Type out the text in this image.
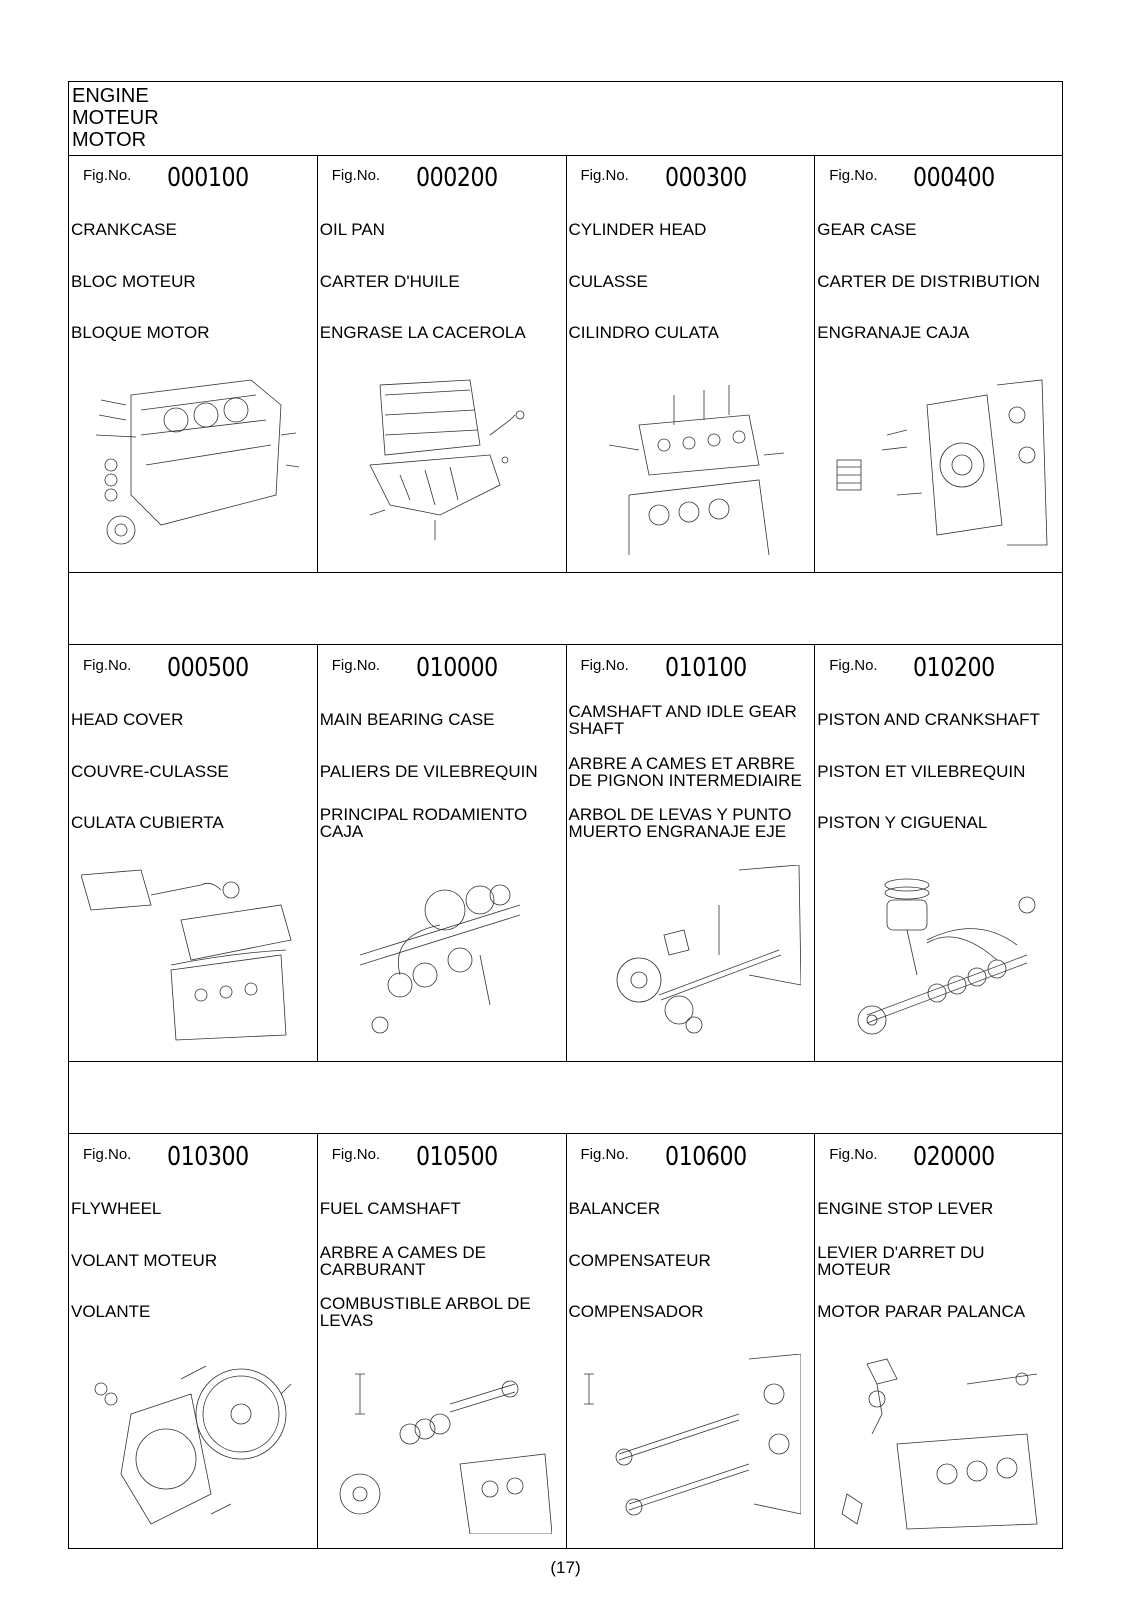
ENGINE
MOTEUR
MOTOR
Fig.No. 000100
CRANKCASE
BLOC MOTEUR
BLOQUE MOTOR
Fig.No. 000200
OIL PAN
CARTER D'HUILE
ENGRASE LA CACEROLA
Fig.No. 000300
CYLINDER HEAD
CULASSE
CILINDRO CULATA
Fig.No. 000400
GEAR CASE
CARTER DE DISTRIBUTION
ENGRANAJE CAJA
Fig.No. 000500
HEAD COVER
COUVRE-CULASSE
CULATA CUBIERTA
Fig.No. 010000
MAIN BEARING CASE
PALIERS DE VILEBREQUIN
PRINCIPAL RODAMIENTO CAJA
Fig.No. 010100
CAMSHAFT AND IDLE GEAR SHAFT
ARBRE A CAMES ET ARBRE DE PIGNON INTERMEDIAIRE
ARBOL DE LEVAS Y PUNTO MUERTO ENGRANAJE EJE
Fig.No. 010200
PISTON AND CRANKSHAFT
PISTON ET VILEBREQUIN
PISTON Y CIGUENAL
Fig.No. 010300
FLYWHEEL
VOLANT MOTEUR
VOLANTE
Fig.No. 010500
FUEL CAMSHAFT
ARBRE A CAMES DE CARBURANT
COMBUSTIBLE ARBOL DE LEVAS
Fig.No. 010600
BALANCER
COMPENSATEUR
COMPENSADOR
Fig.No. 020000
ENGINE STOP LEVER
LEVIER D'ARRET DU MOTEUR
MOTOR PARAR PALANCA
(17)
